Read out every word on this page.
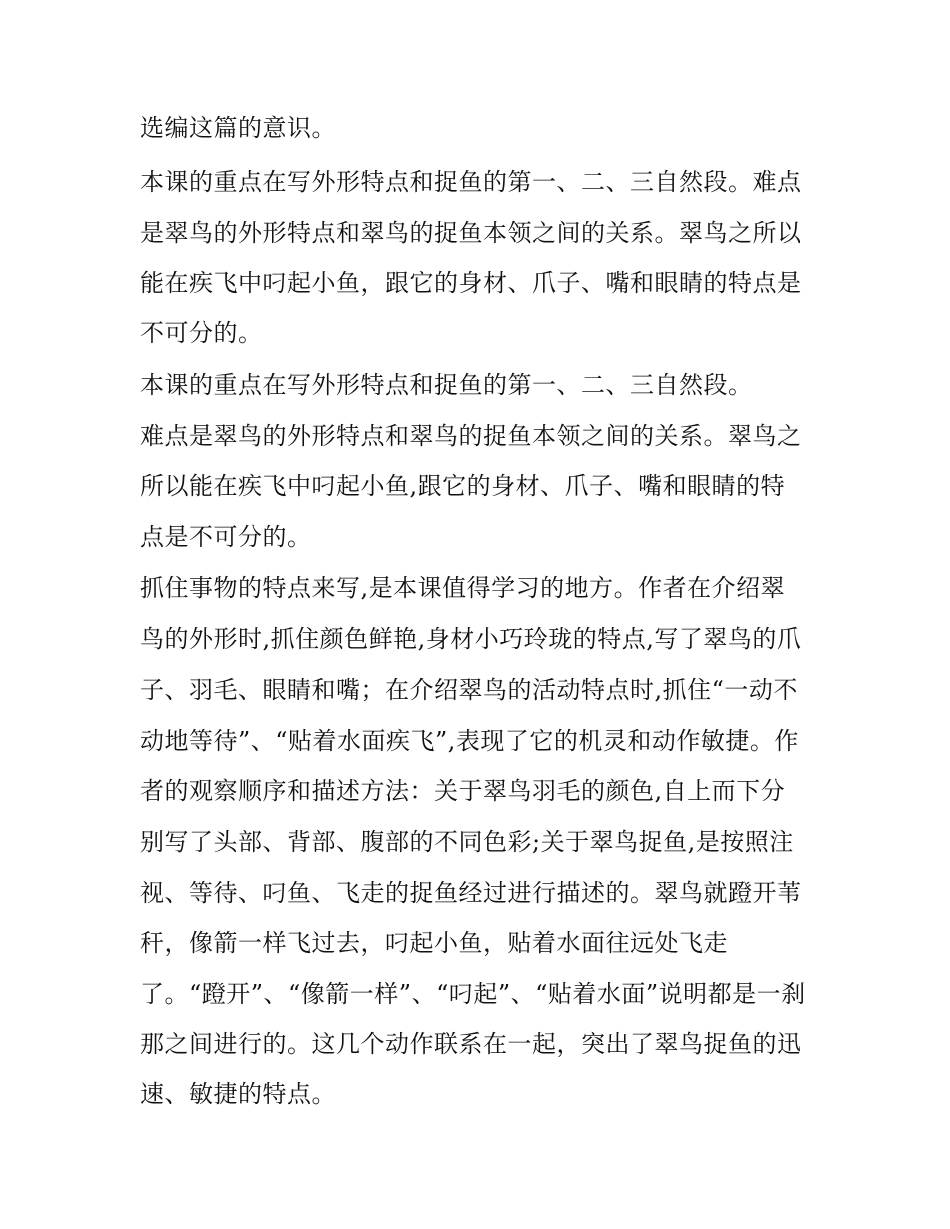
选编这篇的意识。
本课的重点在写外形特点和捉鱼的第一、二、三自然段。难点
是翠鸟的外形特点和翠鸟的捉鱼本领之间的关系。翠鸟之所以
能在疾飞中叼起小鱼，跟它的身材、爪子、嘴和眼睛的特点是
不可分的。
本课的重点在写外形特点和捉鱼的第一、二、三自然段。
难点是翠鸟的外形特点和翠鸟的捉鱼本领之间的关系。翠鸟之
所以能在疾飞中叼起小鱼,跟它的身材、爪子、嘴和眼睛的特
点是不可分的。
抓住事物的特点来写,是本课值得学习的地方。作者在介绍翠
鸟的外形时,抓住颜色鲜艳,身材小巧玲珑的特点,写了翠鸟的爪
子、羽毛、眼睛和嘴；在介绍翠鸟的活动特点时,抓住“一动不
动地等待”、“贴着水面疾飞”,表现了它的机灵和动作敏捷。作
者的观察顺序和描述方法：关于翠鸟羽毛的颜色,自上而下分
别写了头部、背部、腹部的不同色彩;关于翠鸟捉鱼,是按照注
视、等待、叼鱼、飞走的捉鱼经过进行描述的。翠鸟就蹬开苇
秆，像箭一样飞过去，叼起小鱼，贴着水面往远处飞走
了。“蹬开”、“像箭一样”、“叼起”、“贴着水面”说明都是一刹
那之间进行的。这几个动作联系在一起，突出了翠鸟捉鱼的迅
速、敏捷的特点。
